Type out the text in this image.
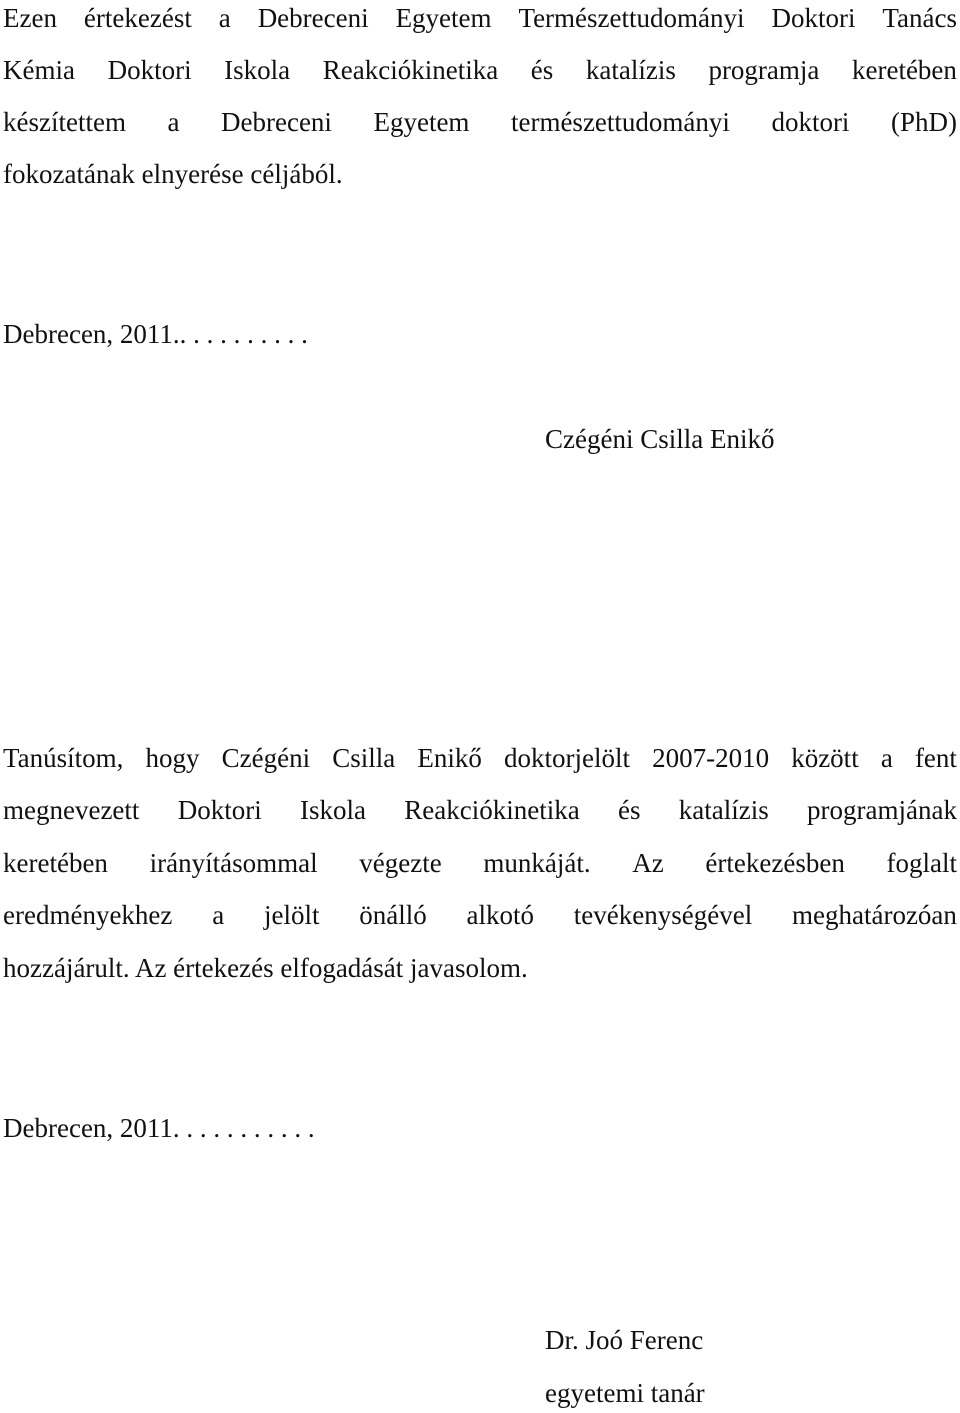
Ezen értekezést a Debreceni Egyetem Természettudományi Doktori Tanács
Kémia Doktori Iskola Reakciókinetika és katalízis programja keretében
készítettem a Debreceni Egyetem természettudományi doktori (PhD)
fokozatának elnyerése céljából.
Debrecen, 2011.. . . . . . . . . .
Czégéni Csilla Enikő
Tanúsítom, hogy Czégéni Csilla Enikő doktorjelölt 2007-2010 között a fent
megnevezett Doktori Iskola Reakciókinetika és katalízis programjának
keretében irányításommal végezte munkáját. Az értekezésben foglalt
eredményekhez a jelölt önálló alkotó tevékenységével meghatározóan
hozzájárult. Az értekezés elfogadását javasolom.
Debrecen, 2011. . . . . . . . . . .
Dr. Joó Ferenc
egyetemi tanár
